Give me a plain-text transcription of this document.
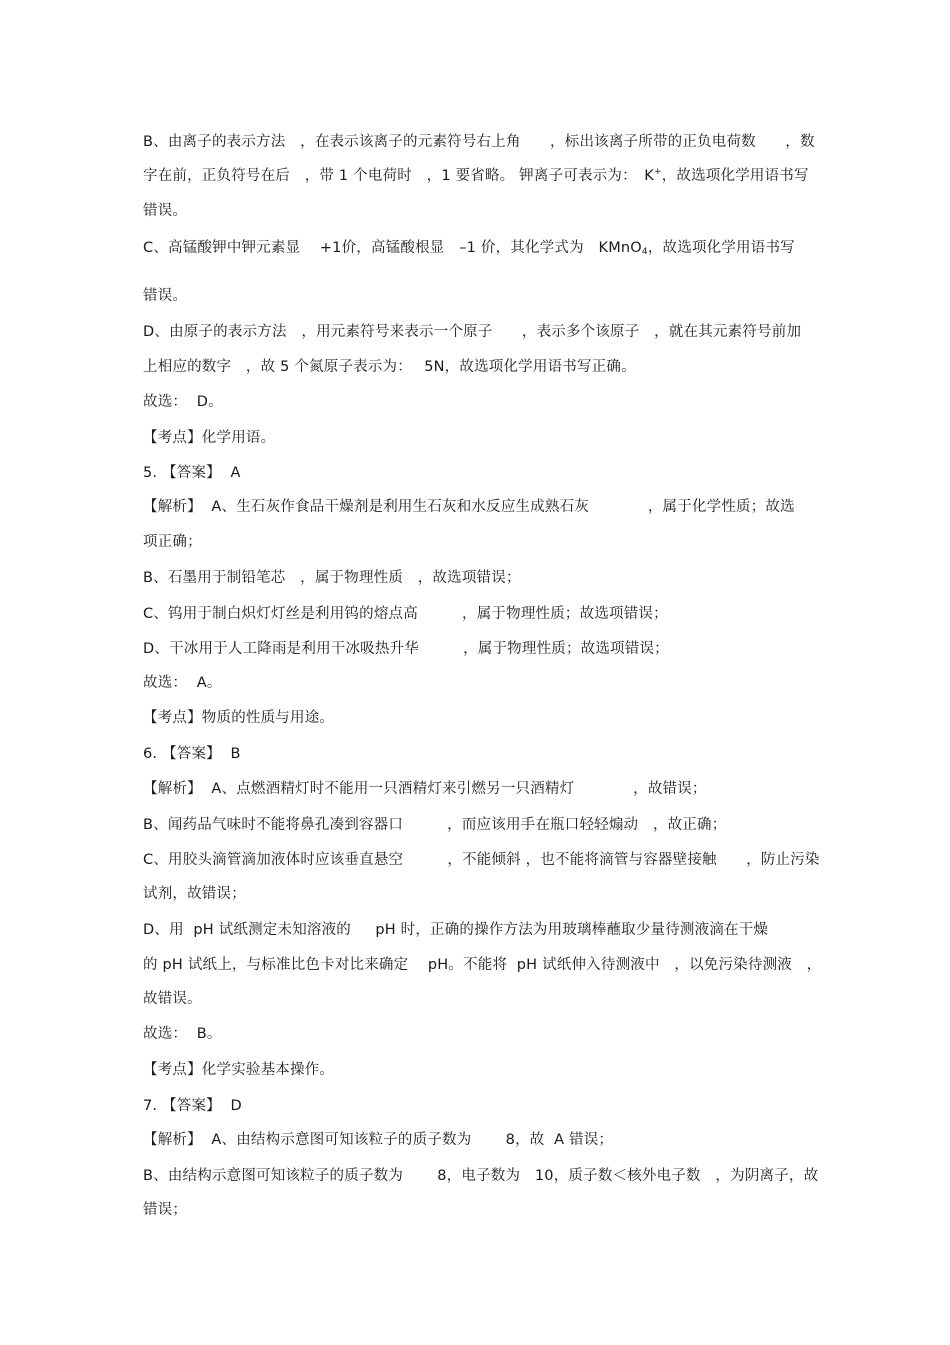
B、由离子的表示方法　，在表示该离子的元素符号右上角　　，标出该离子所带的正负电荷数　　，数
字在前，正负符号在后　，带 1 个电荷时　，1 要省略。 钾离子可表示为：　K+，故选项化学用语书写
错误。
C、高锰酸钾中钾元素显　 +1价，高锰酸根显　–1 价，其化学式为　KMnO$_4$，故选项化学用语书写
错误。
D、由原子的表示方法　，用元素符号来表示一个原子　　，表示多个该原子　，就在其元素符号前加
上相应的数字　，故 5 个氮原子表示为：　 5N，故选项化学用语书写正确。
故选：  D。
【考点】化学用语。
5. 【答案】  A
【解析】  A、生石灰作食品干燥剂是利用生石灰和水反应生成熟石灰　　　　，属于化学性质；故选
项正确；
B、石墨用于制铅笔芯　，属于物理性质　，故选项错误；
C、钨用于制白炽灯灯丝是利用钨的熔点高　　　，属于物理性质；故选项错误；
D、干冰用于人工降雨是利用干冰吸热升华　　　，属于物理性质；故选项错误；
故选：  A。
【考点】物质的性质与用途。
6. 【答案】  B
【解析】  A、点燃酒精灯时不能用一只酒精灯来引燃另一只酒精灯　　　　，故错误；
B、闻药品气味时不能将鼻孔凑到容器口　　　，而应该用手在瓶口轻轻煽动　，故正确；
C、用胶头滴管滴加液体时应该垂直悬空　　　，不能倾斜 ，也不能将滴管与容器壁接触　　，防止污染
试剂，故错误；
D、用  pH 试纸测定未知溶液的　  pH 时，正确的操作方法为用玻璃棒蘸取少量待测液滴在干燥
的 pH 试纸上，与标准比色卡对比来确定　 pH。不能将  pH 试纸伸入待测液中　，以免污染待测液　，
故错误。
故选：  B。
【考点】化学实验基本操作。
7. 【答案】  D
【解析】  A、由结构示意图可知该粒子的质子数为　　 8，故  A 错误；
B、由结构示意图可知该粒子的质子数为　　 8，电子数为　10，质子数＜核外电子数　，为阴离子，故
错误；
